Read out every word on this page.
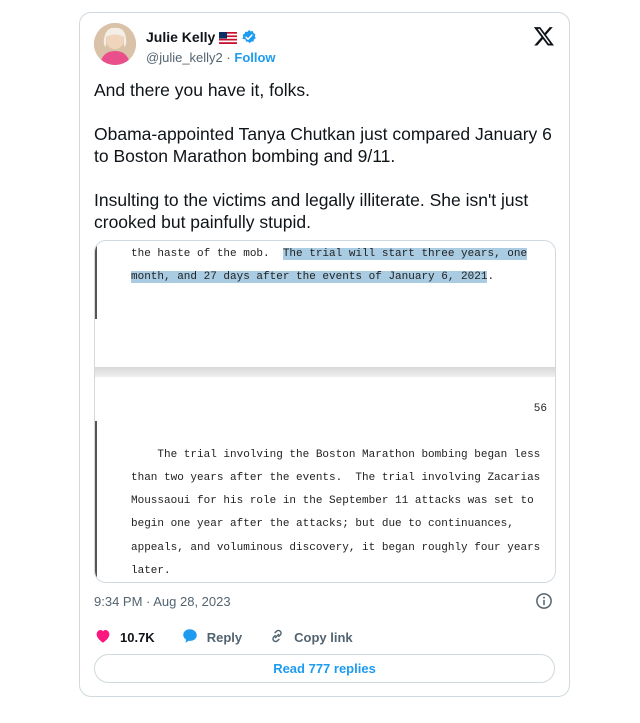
Julie Kelly
@julie_kelly2 · Follow

And there you have it, folks.

Obama-appointed Tanya Chutkan just compared January 6 to Boston Marathon bombing and 9/11.

Insulting to the victims and legally illiterate. She isn't just crooked but painfully stupid.

the haste of the mob.  The trial will start three years, one
month, and 27 days after the events of January 6, 2021.
56
The trial involving the Boston Marathon bombing began less
than two years after the events.  The trial involving Zacarias
Moussaoui for his role in the September 11 attacks was set to
begin one year after the attacks; but due to continuances,
appeals, and voluminous discovery, it began roughly four years
later.
9:34 PM · Aug 28, 2023
10.7K	Reply	Copy link
Read 777 replies
